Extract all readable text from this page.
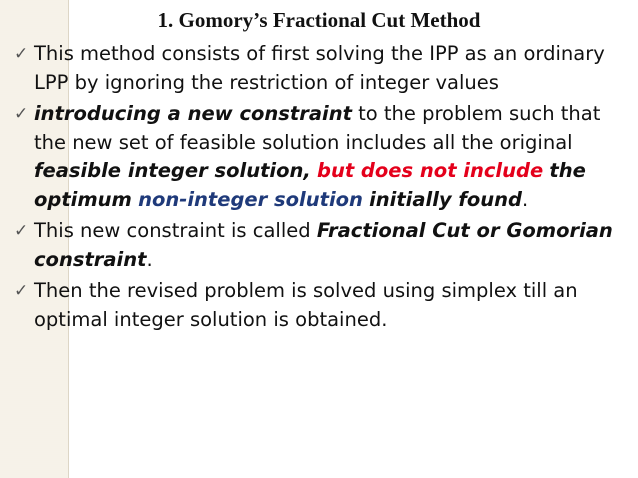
1. Gomory’s Fractional Cut Method
✓ This method consists of first solving the IPP as an ordinary LPP by ignoring the restriction of integer values
✓ introducing a new constraint to the problem such that the new set of feasible solution includes all the original feasible integer solution, but does not include the optimum non-integer solution initially found.
✓ This new constraint is called Fractional Cut or Gomorian constraint.
✓ Then the revised problem is solved using simplex till an optimal integer solution is obtained.
